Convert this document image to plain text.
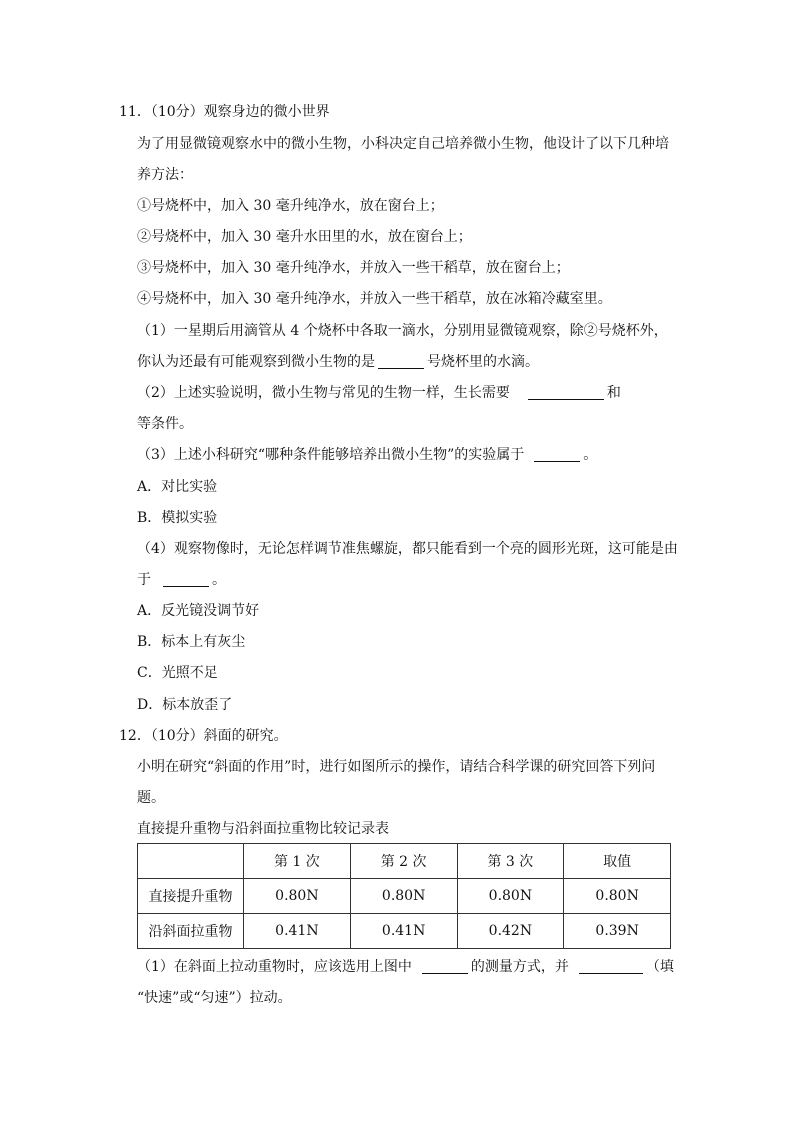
11．（10分）观察身边的微小世界
为了用显微镜观察水中的微小生物，小科决定自己培养微小生物，他设计了以下几种培
养方法：
①号烧杯中，加入 30 毫升纯净水，放在窗台上；
②号烧杯中，加入 30 毫升水田里的水，放在窗台上；
③号烧杯中，加入 30 毫升纯净水，并放入一些干稻草，放在窗台上；
④号烧杯中，加入 30 毫升纯净水，并放入一些干稻草，放在冰箱冷藏室里。
（1）一星期后用滴管从 4 个烧杯中各取一滴水，分别用显微镜观察，除②号烧杯外，
你认为还最有可能观察到微小生物的是	号烧杯里的水滴。
（2）上述实验说明，微小生物与常见的生物一样，生长需要	和
等条件。
（3）上述小科研究“哪种条件能够培养出微小生物”的实验属于	。
A．对比实验
B．模拟实验
（4）观察物像时，无论怎样调节准焦螺旋，都只能看到一个亮的圆形光斑，这可能是由
于	。
A．反光镜没调节好
B．标本上有灰尘
C．光照不足
D．标本放歪了
12．（10分）斜面的研究。
小明在研究“斜面的作用”时，进行如图所示的操作，请结合科学课的研究回答下列问
题。
直接提升重物与沿斜面拉重物比较记录表
	第 1 次	第 2 次	第 3 次	取值
直接提升重物	0.80N	0.80N	0.80N	0.80N
沿斜面拉重物	0.41N	0.41N	0.42N	0.39N
（1）在斜面上拉动重物时，应该选用上图中	的测量方式，并	（填
“快速”或“匀速”）拉动。
